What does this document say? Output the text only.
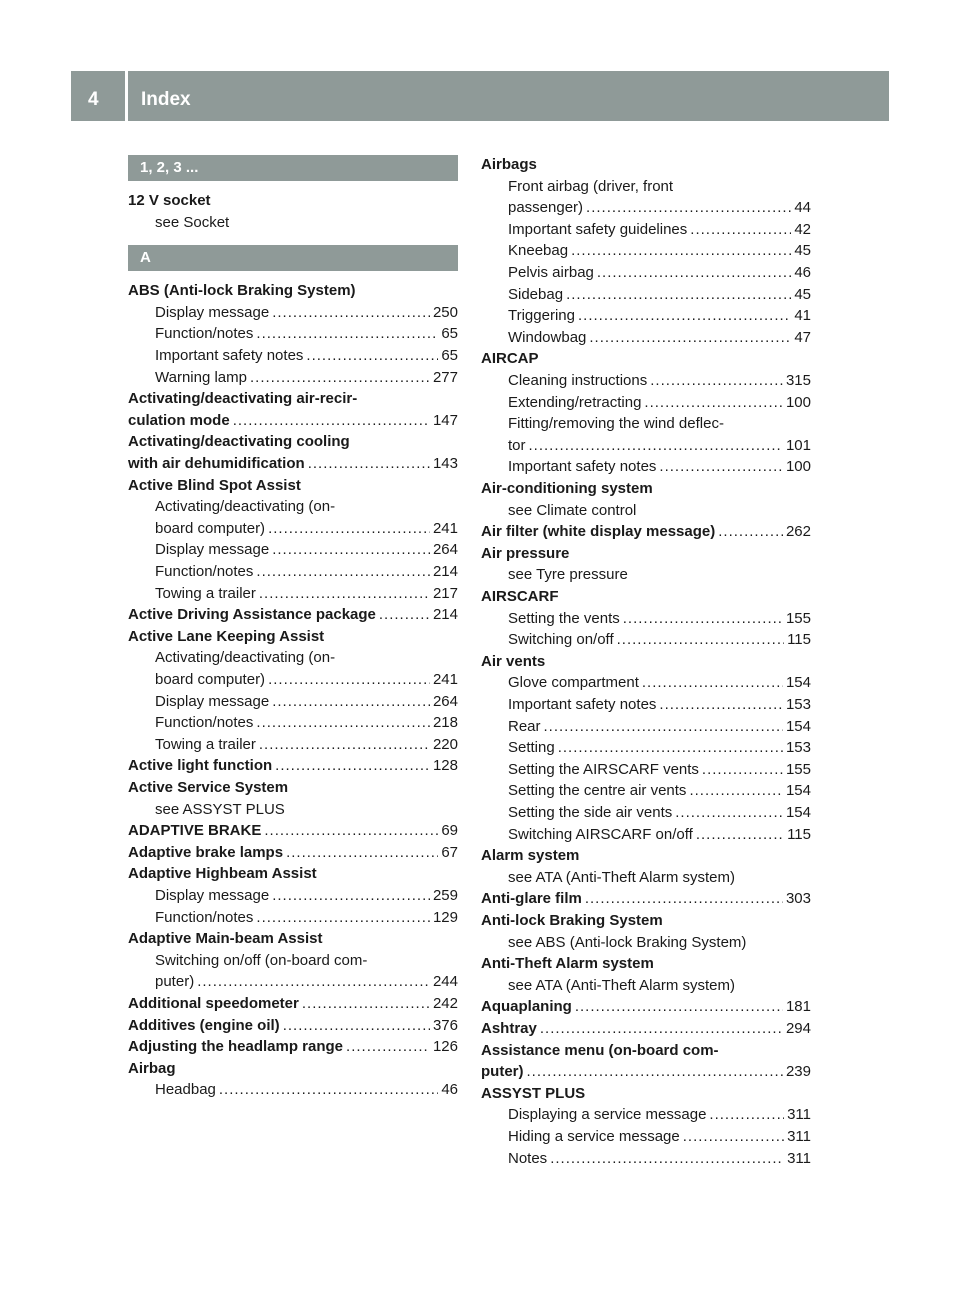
4 Index
1, 2, 3 ...
12 V socket
see Socket
A
ABS (Anti-lock Braking System)
Display message .....	250
Function/notes .....	65
Important safety notes .....	65
Warning lamp .....	277
Activating/deactivating air-recir-
culation mode .....	147
Activating/deactivating cooling
with air dehumidification .....	143
Active Blind Spot Assist
Activating/deactivating (on-
board computer) .....	241
Display message .....	264
Function/notes .....	214
Towing a trailer .....	217
Active Driving Assistance package .....	214
Active Lane Keeping Assist
Activating/deactivating (on-
board computer) .....	241
Display message .....	264
Function/notes .....	218
Towing a trailer .....	220
Active light function .....	128
Active Service System
see ASSYST PLUS
ADAPTIVE BRAKE .....	69
Adaptive brake lamps .....	67
Adaptive Highbeam Assist
Display message .....	259
Function/notes .....	129
Adaptive Main-beam Assist
Switching on/off (on-board com-
puter) .....	244
Additional speedometer .....	242
Additives (engine oil) .....	376
Adjusting the headlamp range .....	126
Airbag
Headbag .....	46
Airbags
Front airbag (driver, front
passenger) .....	44
Important safety guidelines .....	42
Kneebag .....	45
Pelvis airbag .....	46
Sidebag .....	45
Triggering .....	41
Windowbag .....	47
AIRCAP
Cleaning instructions .....	315
Extending/retracting .....	100
Fitting/removing the wind deflec-
tor .....	101
Important safety notes .....	100
Air-conditioning system
see Climate control
Air filter (white display message) .....	262
Air pressure
see Tyre pressure
AIRSCARF
Setting the vents .....	155
Switching on/off .....	115
Air vents
Glove compartment .....	154
Important safety notes .....	153
Rear .....	154
Setting .....	153
Setting the AIRSCARF vents .....	155
Setting the centre air vents .....	154
Setting the side air vents .....	154
Switching AIRSCARF on/off .....	115
Alarm system
see ATA (Anti-Theft Alarm system)
Anti-glare film .....	303
Anti-lock Braking System
see ABS (Anti-lock Braking System)
Anti-Theft Alarm system
see ATA (Anti-Theft Alarm system)
Aquaplaning .....	181
Ashtray .....	294
Assistance menu (on-board com-
puter) .....	239
ASSYST PLUS
Displaying a service message .....	311
Hiding a service message .....	311
Notes .....	311
